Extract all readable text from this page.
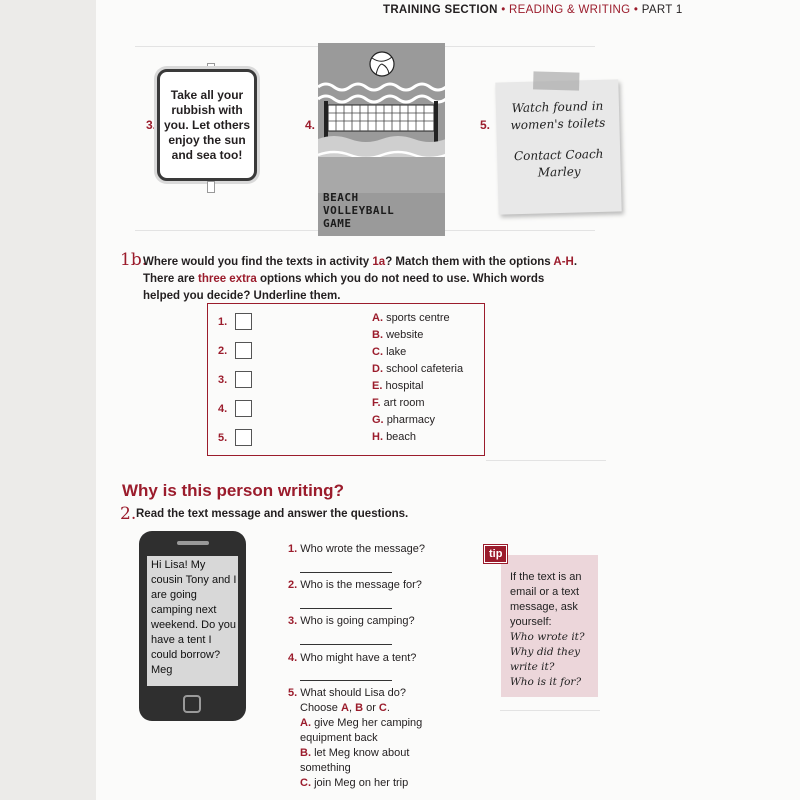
TRAINING SECTION • READING & WRITING • PART 1
3.
Take all your rubbish with you. Let others enjoy the sun and sea too!
4.
BEACH
VOLLEYBALL
GAME
5.
Watch found in
women's toilets
Contact Coach
Marley
1b.
Where would you find the texts in activity 1a? Match them with the options A-H. There are three extra options which you do not need to use. Which words helped you decide? Underline them.
1.
2.
3.
4.
5.
A. sports centre
B. website
C. lake
D. school cafeteria
E. hospital
F. art room
G. pharmacy
H. beach
Why is this person writing?
2. Read the text message and answer the questions.
Hi Lisa! My cousin Tony and I are going camping next weekend. Do you have a tent I could borrow? Meg
1. Who wrote the message?
2. Who is the message for?
3. Who is going camping?
4. Who might have a tent?
5. What should Lisa do?
Choose A, B or C.
A. give Meg her camping
equipment back
B. let Meg know about
something
C. join Meg on her trip
tip
If the text is an email or a text message, ask yourself:
Who wrote it?
Why did they write it?
Who is it for?
